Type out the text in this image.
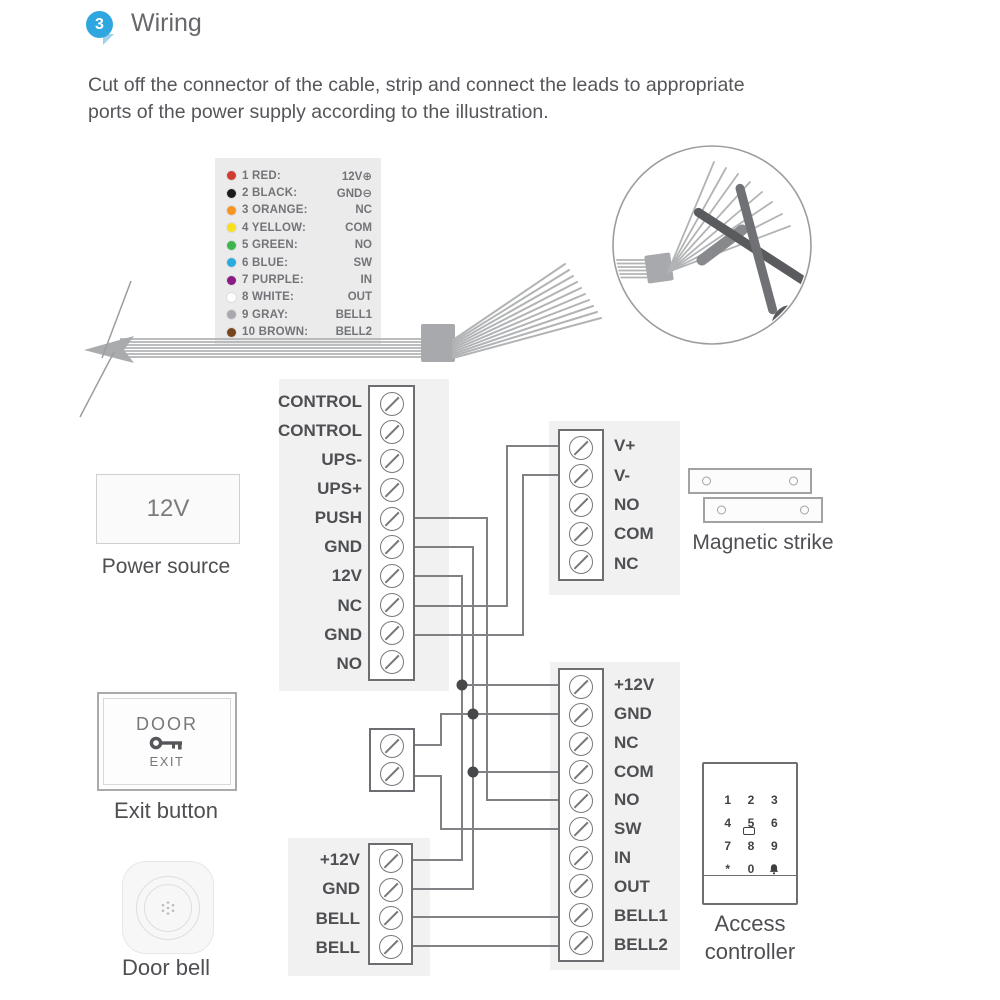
3	Wiring
Cut off the connector of the cable, strip and connect the leads to appropriate
ports of the power supply according to the illustration.
1 RED:	12V⊕
2 BLACK:	GND⊖
3 ORANGE:	NC
4 YELLOW:	COM
5 GREEN:	NO
6 BLUE:	SW
7 PURPLE:	IN
8 WHITE:	OUT
9 GRAY:	BELL1
10 BROWN: BELL2
CONTROL
CONTROL
UPS-
UPS+
PUSH
GND
12V
NC
GND
NO
V+
V-
NO
COM
NC
Magnetic strike
+12V
GND
NC
COM
NO
SW
IN
OUT
BELL1
BELL2
+12V
GND
BELL
BELL
12V
Power source
DOOR
EXIT
Exit button
Door bell
1	2	3
4	5	6
7	8	9
*	0
Access
controller
